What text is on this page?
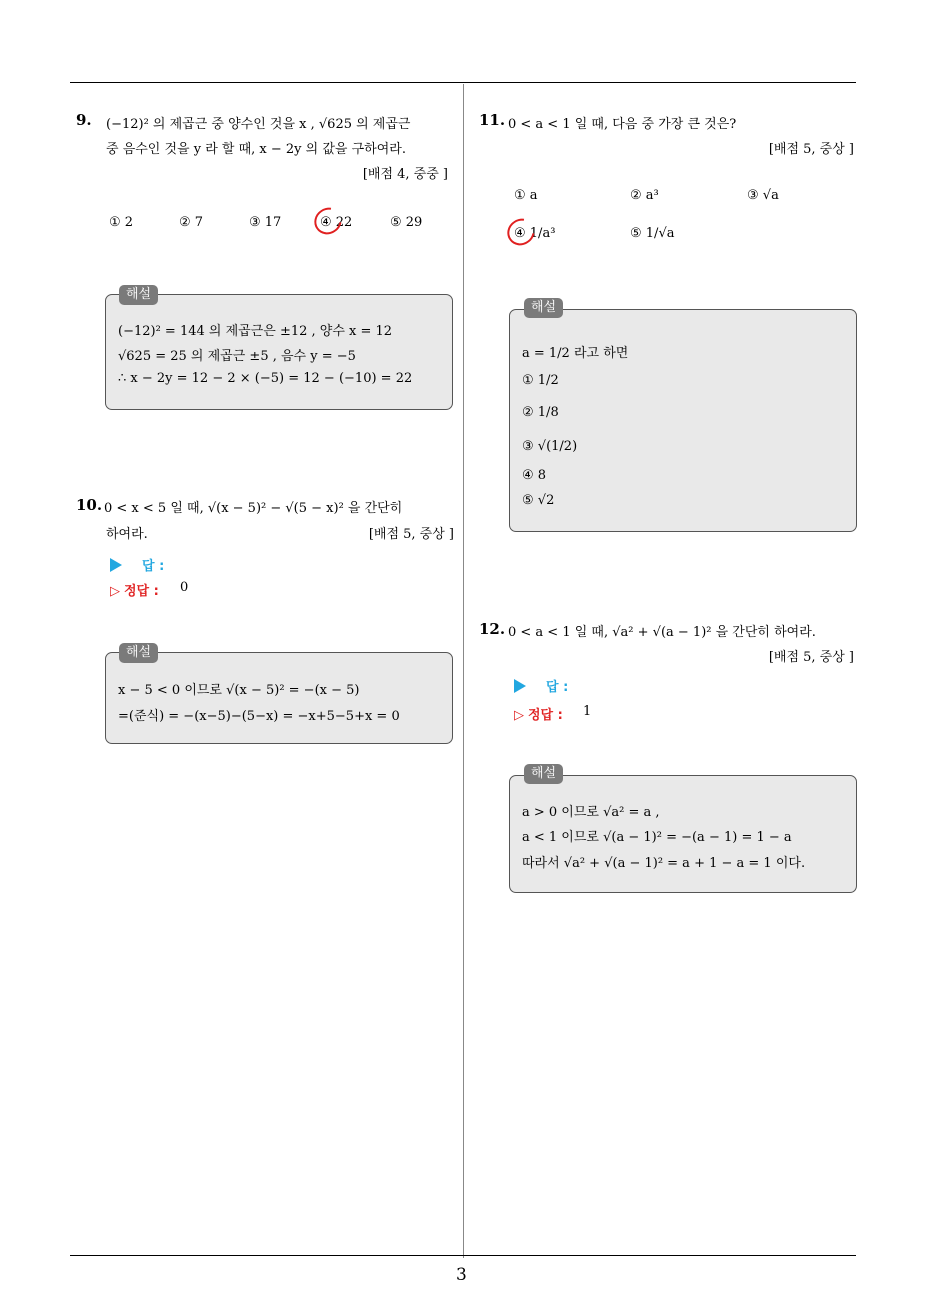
3
9. (−12)² 의 제곱근 중 양수인 것을 x , √625 의 제곱근
중 음수인 것을 y 라 할 때, x − 2y 의 값을 구하여라.
[배점 4, 중중 ]
① 2	② 7	③ 17	④ 22	⑤ 29
해설
(−12)² = 144 의 제곱근은 ±12 , 양수 x = 12
√625 = 25 의 제곱근 ±5 , 음수 y = −5
∴ x − 2y = 12 − 2 × (−5) = 12 − (−10) = 22
10. 0 < x < 5 일 때, √(x − 5)² − √(5 − x)² 을 간단히
하여라.	[배점 5, 중상 ]
답 :
▷ 정답 : 0
해설
x − 5 < 0 이므로 √(x − 5)² = −(x − 5)
=(준식) = −(x−5)−(5−x) = −x+5−5+x = 0
11. 0 < a < 1 일 때, 다음 중 가장 큰 것은?
[배점 5, 중상 ]
① a	② a³	③ √a
④ 1/a³	⑤ 1/√a
해설
a = 1/2 라고 하면
① 1/2
② 1/8
③ √(1/2)
④ 8
⑤ √2
12. 0 < a < 1 일 때, √a² + √(a − 1)² 을 간단히 하여라.
[배점 5, 중상 ]
답 :
▷ 정답 : 1
해설
a > 0 이므로 √a² = a ,
a < 1 이므로 √(a − 1)² = −(a − 1) = 1 − a
따라서 √a² + √(a − 1)² = a + 1 − a = 1 이다.
